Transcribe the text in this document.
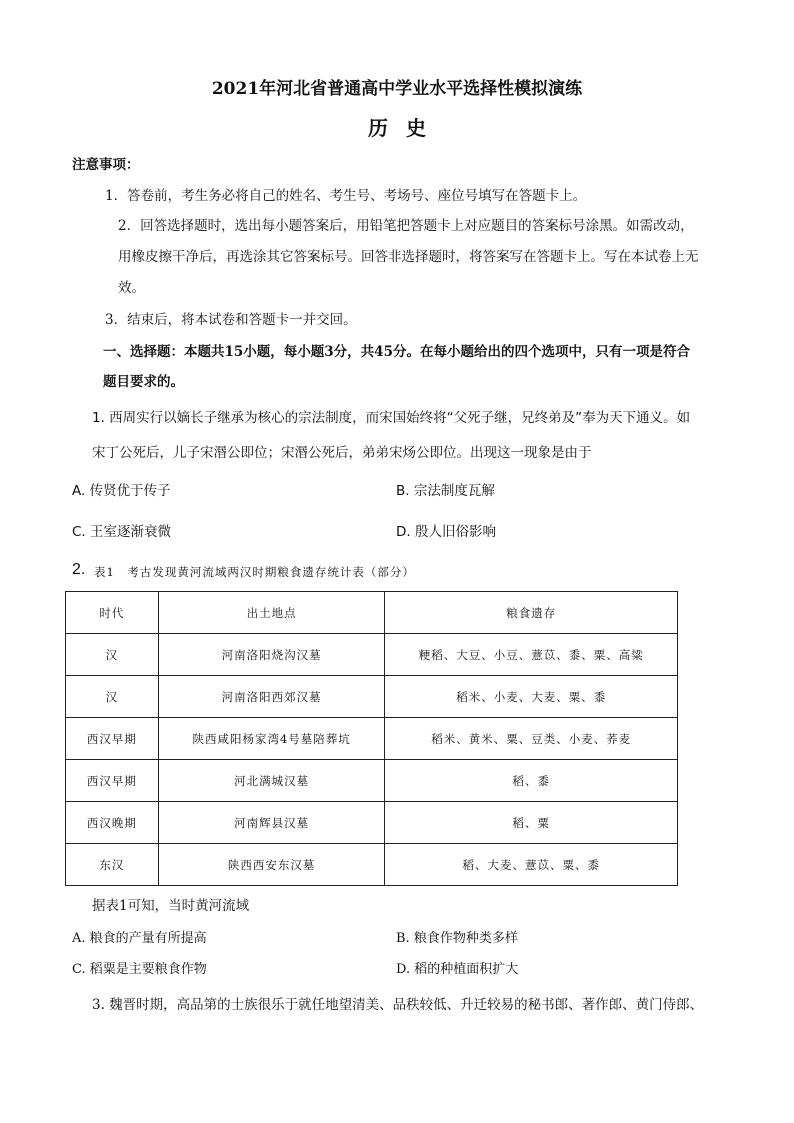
2021年河北省普通高中学业水平选择性模拟演练
历史
注意事项：
1．答卷前，考生务必将自己的姓名、考生号、考场号、座位号填写在答题卡上。
2．回答选择题时，选出每小题答案后，用铅笔把答题卡上对应题目的答案标号涂黑。如需改动，
用橡皮擦干净后，再选涂其它答案标号。回答非选择题时，将答案写在答题卡上。写在本试卷上无
效。
3．结束后，将本试卷和答题卡一并交回。
一、选择题：本题共15小题，每小题3分，共45分。在每小题给出的四个选项中，只有一项是符合
题目要求的。
1. 西周实行以嫡长子继承为核心的宗法制度，而宋国始终将“父死子继，兄终弟及”奉为天下通义。如
宋丁公死后，儿子宋湣公即位；宋湣公死后，弟弟宋炀公即位。出现这一现象是由于
A. 传贤优于传子	B. 宗法制度瓦解
C. 王室逐渐衰微	D. 殷人旧俗影响
2. 表1　考古发现黄河流域两汉时期粮食遗存统计表（部分）
时代	出土地点	粮食遗存
汉	河南洛阳烧沟汉墓	粳稻、大豆、小豆、薏苡、黍、粟、高粱
汉	河南洛阳西郊汉墓	稻米、小麦、大麦、粟、黍
西汉早期	陕西咸阳杨家湾4号墓陪葬坑	稻米、黄米、粟、豆类、小麦、荞麦
西汉早期	河北满城汉墓	稻、黍
西汉晚期	河南辉县汉墓	稻、粟
东汉	陕西西安东汉墓	稻、大麦、薏苡、粟、黍
据表1可知，当时黄河流域
A. 粮食的产量有所提高	B. 粮食作物种类多样
C. 稻粟是主要粮食作物	D. 稻的种植面积扩大
3. 魏晋时期，高品第的士族很乐于就任地望清美、品秩较低、升迁较易的秘书郎、著作郎、黄门侍郎、
